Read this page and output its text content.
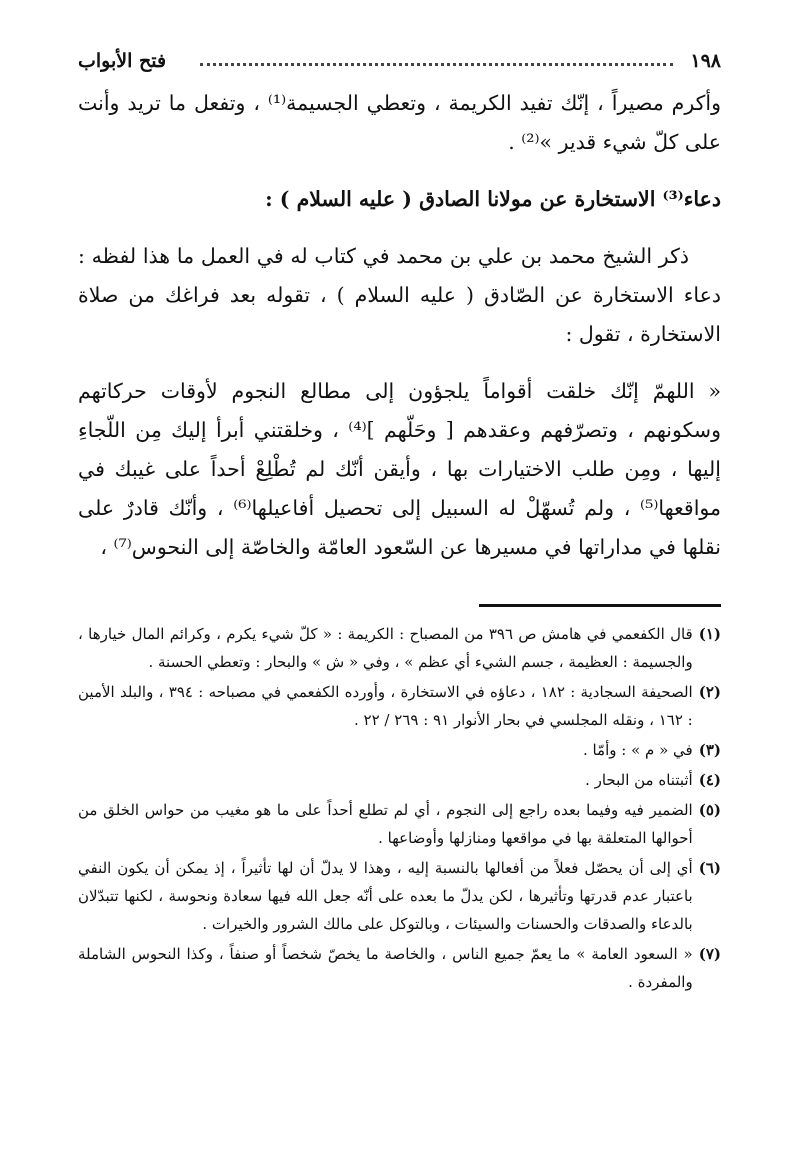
١٩٨
فتح الأبواب

وأكرم مصيراً ، إنّك تفيد الكريمة ، وتعطي الجسيمة⁽¹⁾ ، وتفعل ما تريد وأنت على كلّ شيء قدير »⁽²⁾ .

دعاء⁽³⁾ الاستخارة عن مولانا الصادق ( عليه السلام ) :

ذكر الشيخ محمد بن علي بن محمد في كتاب له في العمل ما هذا لفظه : دعاء الاستخارة عن الصّادق ( عليه السلام ) ، تقوله بعد فراغك من صلاة الاستخارة ، تقول :

« اللهمّ إنّك خلقت أقواماً يلجؤون إلى مطالع النجوم لأوقات حركاتهم وسكونهم ، وتصرّفهم وعقدهم [ وحَلّهم ]⁽⁴⁾ ، وخلقتني أبرأ إليك مِن اللّجاءِ إليها ، ومِن طلب الاختيارات بها ، وأيقن أنّك لم تُطْلِعْ أحداً على غيبك في مواقعها⁽⁵⁾ ، ولم تُسهّلْ له السبيل إلى تحصيل أفاعيلها⁽⁶⁾ ، وأنّك قادرٌ على نقلها في مداراتها في مسيرها عن السّعود العامّة والخاصّة إلى النحوس⁽⁷⁾ ،

(١)
قال الكفعمي في هامش ص ٣٩٦ من المصباح : الكريمة : « كلّ شيء يكرم ، وكرائم المال خيارها ، والجسيمة : العظيمة ، جسم الشيء أي عظم » ، وفي « ش » والبحار : وتعطي الحسنة .
(٢)
الصحيفة السجادية : ١٨٢ ، دعاؤه في الاستخارة ، وأورده الكفعمي في مصباحه : ٣٩٤ ، والبلد الأمين : ١٦٢ ، ونقله المجلسي في بحار الأنوار ٩١ : ٢٦٩ / ٢٢ .
(٣)
في « م » : وأمّا .
(٤)
أثبتناه من البحار .
(٥)
الضمير فيه وفيما بعده راجع إلى النجوم ، أي لم تطلع أحداً على ما هو مغيب من حواس الخلق من أحوالها المتعلقة بها في مواقعها ومنازلها وأوضاعها .
(٦)
أي إلى أن يحصّل فعلاً من أفعالها بالنسبة إليه ، وهذا لا يدلّ أن لها تأثيراً ، إذ يمكن أن يكون النفي باعتبار عدم قدرتها وتأثيرها ، لكن يدلّ ما بعده على أنّه جعل الله فيها سعادة ونحوسة ، لكنها تتبدّلان بالدعاء والصدقات والحسنات والسيئات ، وبالتوكل على مالك الشرور والخيرات .
(٧)
« السعود العامة » ما يعمّ جميع الناس ، والخاصة ما يخصّ شخصاً أو صنفاً ، وكذا النحوس الشاملة والمفردة .
